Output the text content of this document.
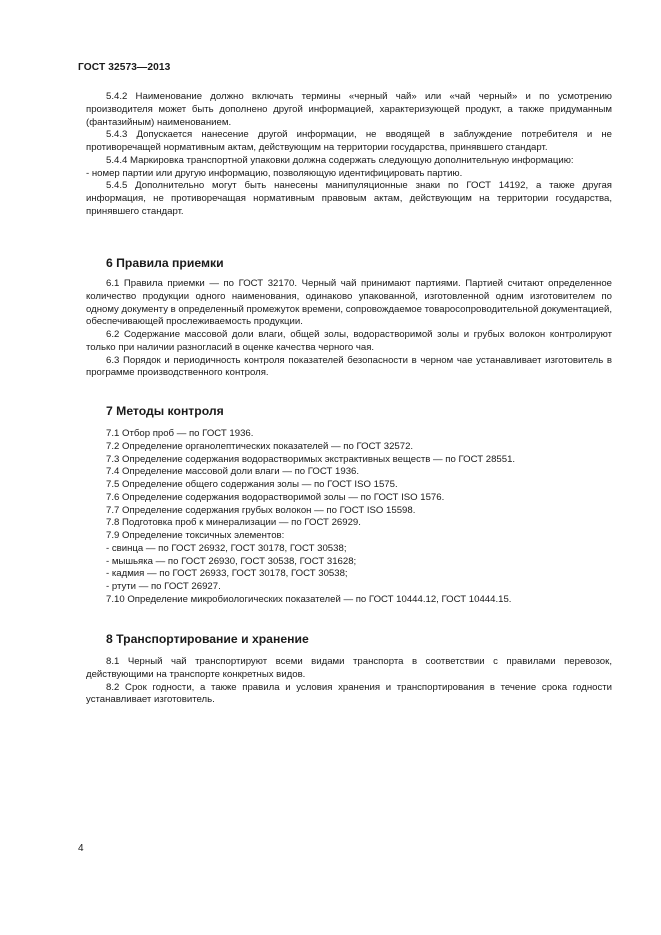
ГОСТ 32573—2013

5.4.2 Наименование должно включать термины «черный чай» или «чай черный» и по усмотрению производителя может быть дополнено другой информацией, характеризующей продукт, а также придуманным (фантазийным) наименованием.

5.4.3 Допускается нанесение другой информации, не вводящей в заблуждение потребителя и не противоречащей нормативным актам, действующим на территории государства, принявшего стандарт.

5.4.4 Маркировка транспортной упаковки должна содержать следующую дополнительную информацию:

- номер партии или другую информацию, позволяющую идентифицировать партию.

5.4.5 Дополнительно могут быть нанесены манипуляционные знаки по ГОСТ 14192, а также другая информация, не противоречащая нормативным правовым актам, действующим на территории государства, принявшего стандарт.

6 Правила приемки

6.1 Правила приемки — по ГОСТ 32170. Черный чай принимают партиями. Партией считают определенное количество продукции одного наименования, одинаково упакованной, изготовленной одним изготовителем по одному документу в определенный промежуток времени, сопровождаемое товаросопроводительной документацией, обеспечивающей прослеживаемость продукции.

6.2 Содержание массовой доли влаги, общей золы, водорастворимой золы и грубых волокон контролируют только при наличии разногласий в оценке качества черного чая.

6.3 Порядок и периодичность контроля показателей безопасности в черном чае устанавливает изготовитель в программе производственного контроля.

7 Методы контроля
7.1 Отбор проб — по ГОСТ 1936.
7.2 Определение органолептических показателей — по ГОСТ 32572.
7.3 Определение содержания водорастворимых экстрактивных веществ — по ГОСТ 28551.
7.4 Определение массовой доли влаги — по ГОСТ 1936.
7.5 Определение общего содержания золы — по ГОСТ ISO 1575.
7.6 Определение содержания водорастворимой золы — по ГОСТ ISO 1576.
7.7 Определение содержания грубых волокон — по ГОСТ ISO 15598.
7.8 Подготовка проб к минерализации — по ГОСТ 26929.
7.9 Определение токсичных элементов:
- свинца — по ГОСТ 26932, ГОСТ 30178, ГОСТ 30538;
- мышьяка — по ГОСТ 26930, ГОСТ 30538, ГОСТ 31628;
- кадмия — по ГОСТ 26933, ГОСТ 30178, ГОСТ 30538;
- ртути — по ГОСТ 26927.
7.10 Определение микробиологических показателей — по ГОСТ 10444.12, ГОСТ 10444.15.
8 Транспортирование и хранение

8.1 Черный чай транспортируют всеми видами транспорта в соответствии с правилами перевозок, действующими на транспорте конкретных видов.

8.2 Срок годности, а также правила и условия хранения и транспортирования в течение срока годности устанавливает изготовитель.

4
